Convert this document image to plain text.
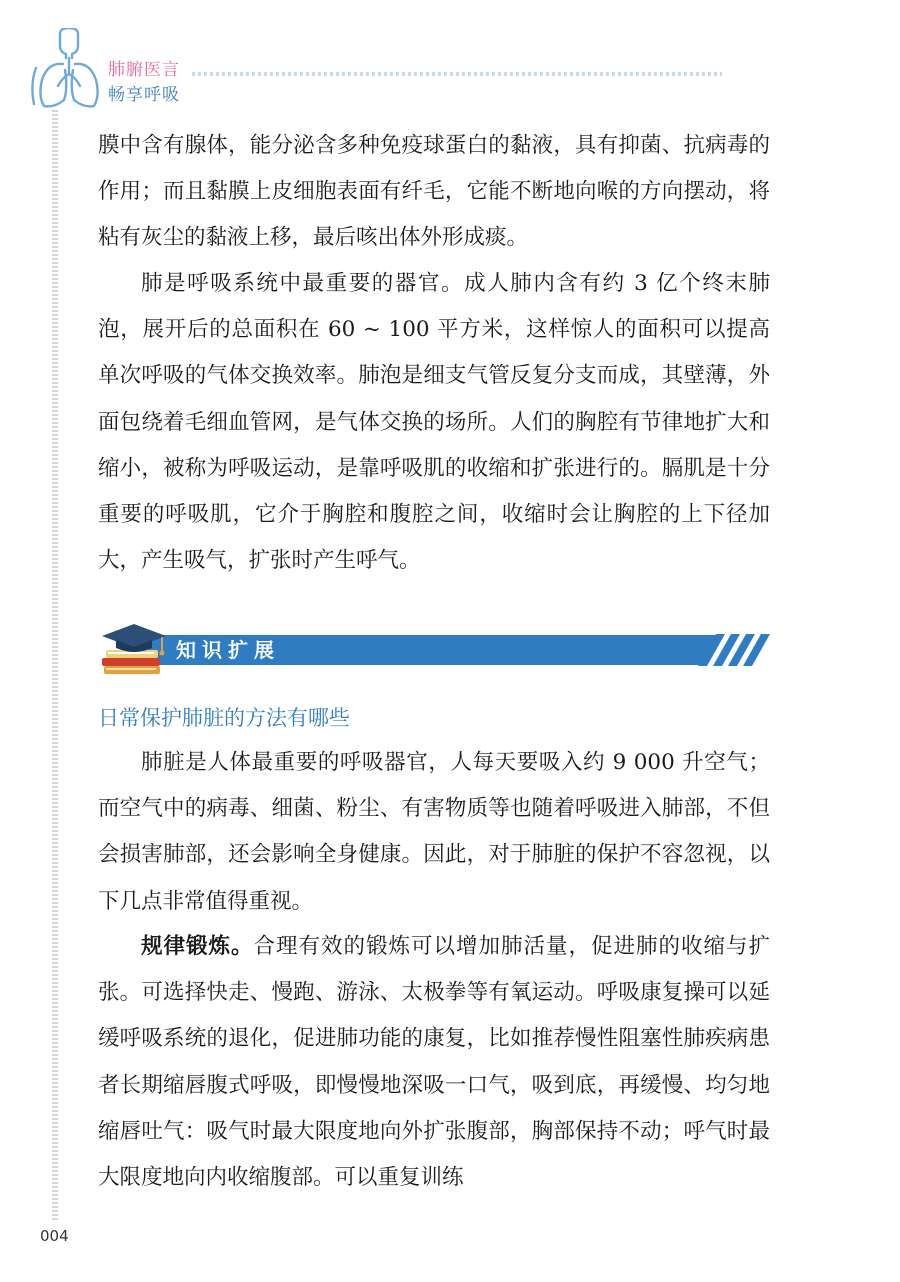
肺腑医言
畅享呼吸

膜中含有腺体，能分泌含多种免疫球蛋白的黏液，具有抑菌、抗病毒的作用；而且黏膜上皮细胞表面有纤毛，它能不断地向喉的方向摆动，将粘有灰尘的黏液上移，最后咳出体外形成痰。

肺是呼吸系统中最重要的器官。成人肺内含有约 3 亿个终末肺泡，展开后的总面积在 60 ~ 100 平方米，这样惊人的面积可以提高单次呼吸的气体交换效率。肺泡是细支气管反复分支而成，其壁薄，外面包绕着毛细血管网，是气体交换的场所。人们的胸腔有节律地扩大和缩小，被称为呼吸运动，是靠呼吸肌的收缩和扩张进行的。膈肌是十分重要的呼吸肌，它介于胸腔和腹腔之间，收缩时会让胸腔的上下径加大，产生吸气，扩张时产生呼气。

知识扩展
日常保护肺脏的方法有哪些

肺脏是人体最重要的呼吸器官，人每天要吸入约 9 000 升空气；而空气中的病毒、细菌、粉尘、有害物质等也随着呼吸进入肺部，不但会损害肺部，还会影响全身健康。因此，对于肺脏的保护不容忽视，以下几点非常值得重视。

规律锻炼。合理有效的锻炼可以增加肺活量，促进肺的收缩与扩张。可选择快走、慢跑、游泳、太极拳等有氧运动。呼吸康复操可以延缓呼吸系统的退化，促进肺功能的康复，比如推荐慢性阻塞性肺疾病患者长期缩唇腹式呼吸，即慢慢地深吸一口气，吸到底，再缓慢、均匀地缩唇吐气：吸气时最大限度地向外扩张腹部，胸部保持不动；呼气时最大限度地向内收缩腹部。可以重复训练

004
